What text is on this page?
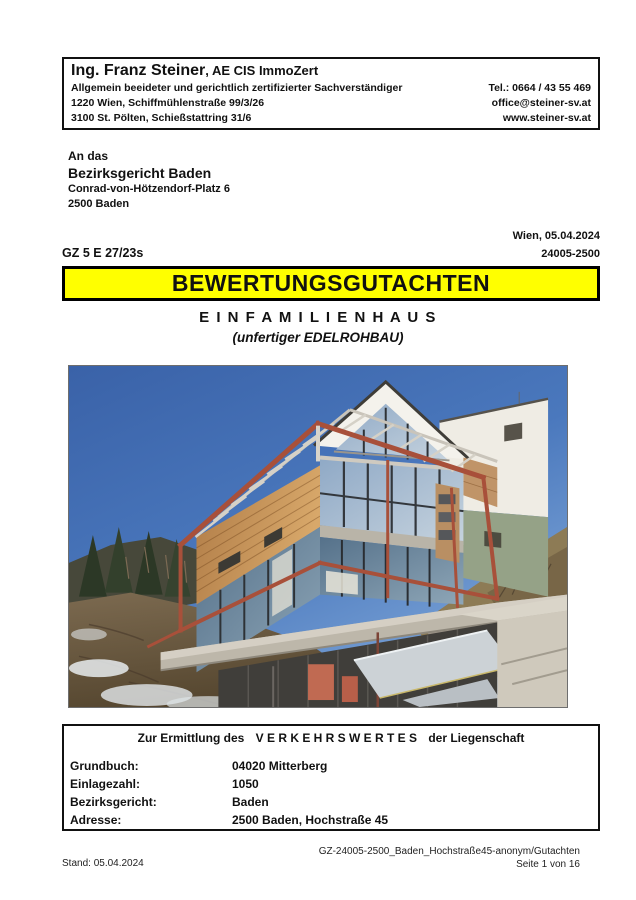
Ing. Franz Steiner, AE CIS ImmoZert
Allgemein beeideter und gerichtlich zertifizierter Sachverständiger	Tel.: 0664 / 43 55 469
1220 Wien, Schiffmühlenstraße 99/3/26	office@steiner-sv.at
3100 St. Pölten, Schießstattring 31/6	www.steiner-sv.at
An das
Bezirksgericht Baden
Conrad-von-Hötzendorf-Platz 6
2500 Baden
Wien, 05.04.2024
GZ 5 E 27/23s	24005-2500
BEWERTUNGSGUTACHTEN
E I N F A M I L I E N H A U S
(unfertiger EDELROHBAU)
Zur Ermittlung des V E R K E H R S W E R T E S der Liegenschaft
Grundbuch:	04020 Mitterberg
Einlagezahl:	1050
Bezirksgericht:	Baden
Adresse:	2500 Baden, Hochstraße 45
Stand: 05.04.2024
GZ-24005-2500_Baden_Hochstraße45-anonym/Gutachten
Seite 1 von 16
